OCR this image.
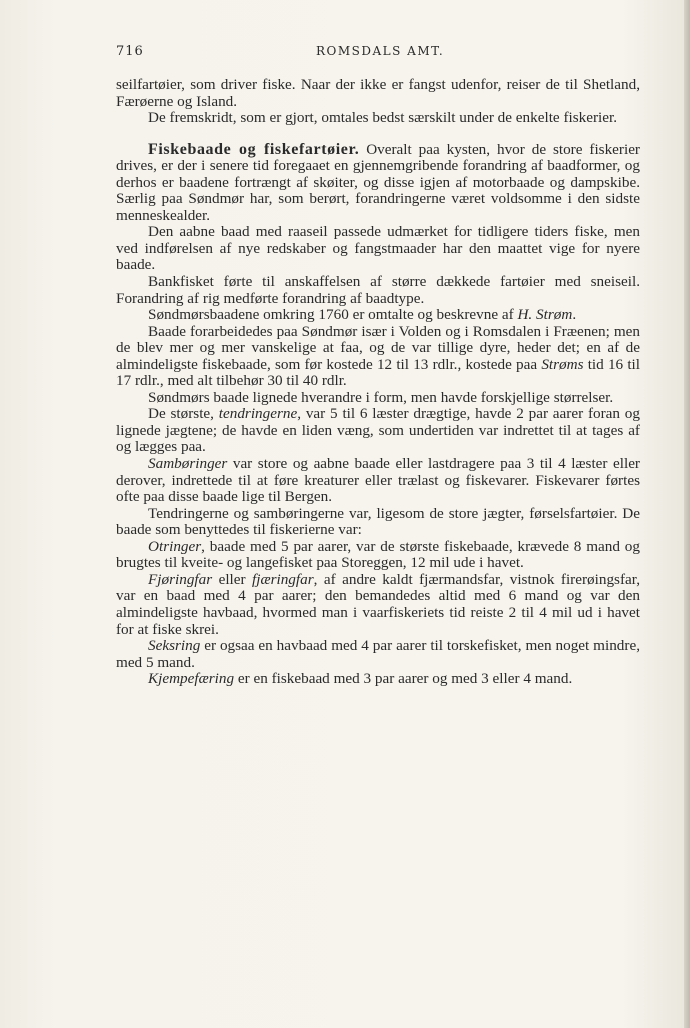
716	ROMSDALS AMT.

seilfartøier, som driver fiske. Naar der ikke er fangst udenfor, reiser de til Shetland, Færøerne og Island.

De fremskridt, som er gjort, omtales bedst særskilt under de enkelte fiskerier.

Fiskebaade og fiskefartøier. Overalt paa kysten, hvor de store fiskerier drives, er der i senere tid foregaaet en gjennemgribende forandring af baadformer, og derhos er baadene fortrængt af skøiter, og disse igjen af motorbaade og dampskibe. Særlig paa Søndmør har, som berørt, forandringerne været voldsomme i den sidste menneskealder.

Den aabne baad med raaseil passede udmærket for tidligere tiders fiske, men ved indførelsen af nye redskaber og fangstmaader har den maattet vige for nyere baade.

Bankfisket førte til anskaffelsen af større dækkede fartøier med sneiseil. Forandring af rig medførte forandring af baadtype.

Søndmørsbaadene omkring 1760 er omtalte og beskrevne af H. Strøm.

Baade forarbeidedes paa Søndmør især i Volden og i Romsdalen i Fræenen; men de blev mer og mer vanskelige at faa, og de var tillige dyre, heder det; en af de almindeligste fiskebaade, som før kostede 12 til 13 rdlr., kostede paa Strøms tid 16 til 17 rdlr., med alt tilbehør 30 til 40 rdlr.

Søndmørs baade lignede hverandre i form, men havde forskjellige størrelser.

De største, tendringerne, var 5 til 6 læster drægtige, havde 2 par aarer foran og lignede jægtene; de havde en liden væng, som undertiden var indrettet til at tages af og lægges paa.

Sambøringer var store og aabne baade eller lastdragere paa 3 til 4 læster eller derover, indrettede til at føre kreaturer eller trælast og fiskevarer. Fiskevarer førtes ofte paa disse baade lige til Bergen.

Tendringerne og sambøringerne var, ligesom de store jægter, førselsfartøier. De baade som benyttedes til fiskerierne var:

Otringer, baade med 5 par aarer, var de største fiskebaade, krævede 8 mand og brugtes til kveite- og langefisket paa Storeggen, 12 mil ude i havet.

Fjøringfar eller fjæringfar, af andre kaldt fjærmandsfar, vistnok firerøingsfar, var en baad med 4 par aarer; den bemandedes altid med 6 mand og var den almindeligste havbaad, hvormed man i vaarfiskeriets tid reiste 2 til 4 mil ud i havet for at fiske skrei.

Seksring er ogsaa en havbaad med 4 par aarer til torskefisket, men noget mindre, med 5 mand.

Kjempefæring er en fiskebaad med 3 par aarer og med 3 eller 4 mand.
